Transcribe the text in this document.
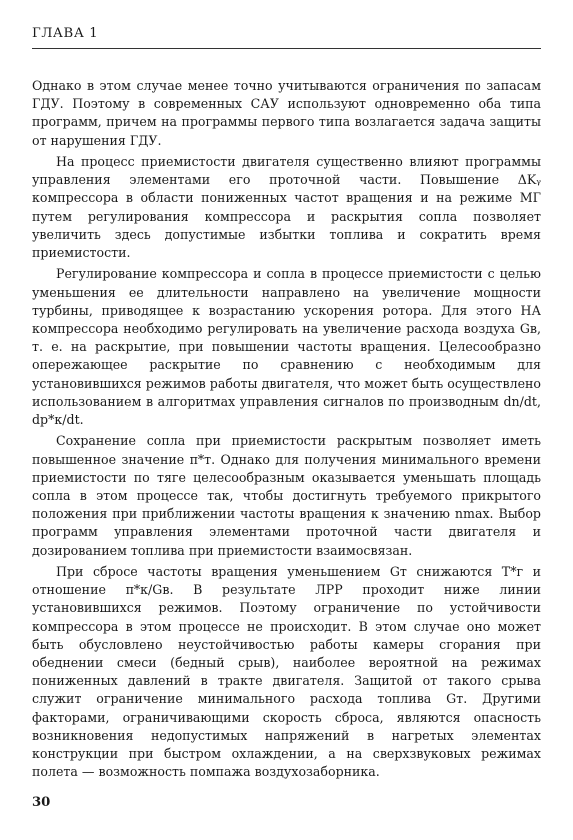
ГЛАВА 1

Однако в этом случае менее точно учитываются ограничения по запасам ГДУ. Поэтому в современных САУ используют одновременно оба типа программ, причем на программы первого типа возлагается задача защиты от нарушения ГДУ.

На процесс приемистости двигателя существенно влияют программы управления элементами его проточной части. Повышение ΔKᵧ компрессора в области пониженных частот вращения и на режиме МГ путем регулирования компрессора и раскрытия сопла позволяет увеличить здесь допустимые избытки топлива и сократить время приемистости.

Регулирование компрессора и сопла в процессе приемистости с целью уменьшения ее длительности направлено на увеличение мощности турбины, приводящее к возрастанию ускорения ротора. Для этого НА компрессора необходимо регулировать на увеличение расхода воздуха Gв, т. е. на раскрытие, при повышении частоты вращения. Целесообразно опережающее раскрытие по сравнению с необходимым для установившихся режимов работы двигателя, что может быть осуществлено использованием в алгоритмах управления сигналов по производным dn/dt, dp*к/dt.

Сохранение сопла при приемистости раскрытым позволяет иметь повышенное значение π*т. Однако для получения минимального времени приемистости по тяге целесообразным оказывается уменьшать площадь сопла в этом процессе так, чтобы достигнуть требуемого прикрытого положения при приближении частоты вращения к значению nmax. Выбор программ управления элементами проточной части двигателя и дозированием топлива при приемистости взаимосвязан.

При сбросе частоты вращения уменьшением Gт снижаются T*г и отношение π*к/Gв. В результате ЛРР проходит ниже линии установившихся режимов. Поэтому ограничение по устойчивости компрессора в этом процессе не происходит. В этом случае оно может быть обусловлено неустойчивостью работы камеры сгорания при обеднении смеси (бедный срыв), наиболее вероятной на режимах пониженных давлений в тракте двигателя. Защитой от такого срыва служит ограничение минимального расхода топлива Gт. Другими факторами, ограничивающими скорость сброса, являются опасность возникновения недопустимых напряжений в нагретых элементах конструкции при быстром охлаждении, а на сверхзвуковых режимах полета — возможность помпажа воздухозаборника.

30
